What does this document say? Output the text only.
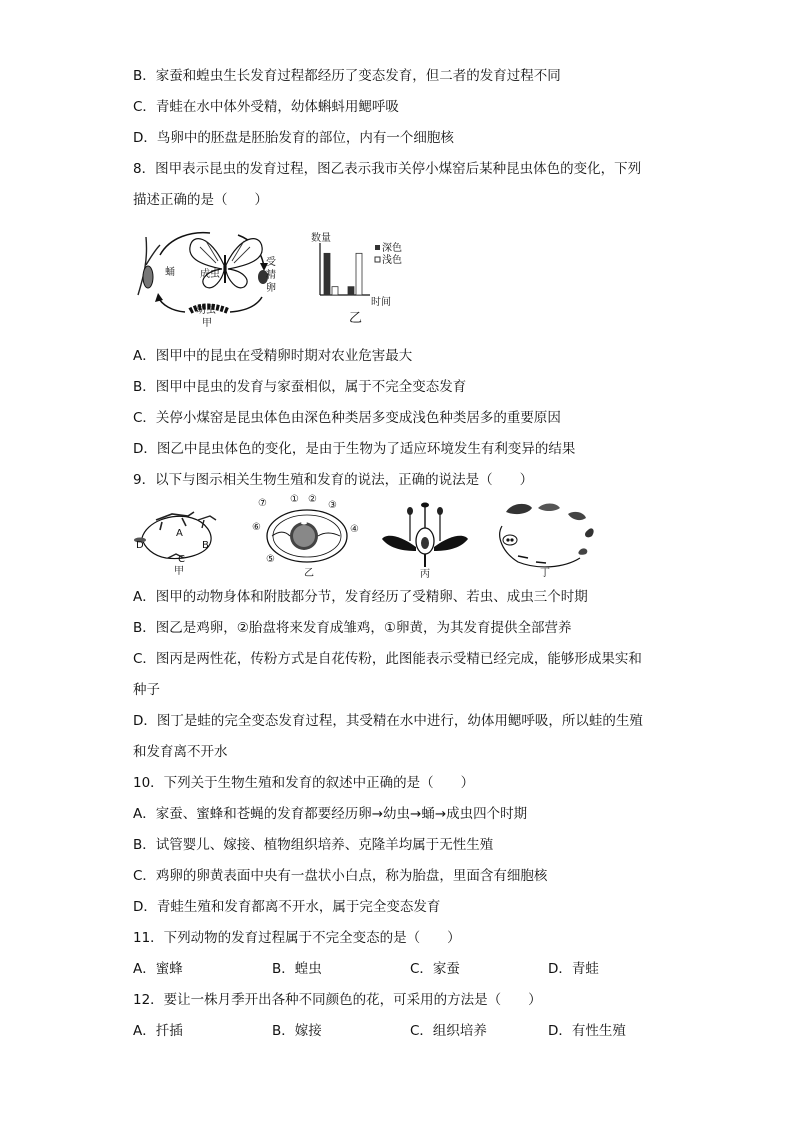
B．家蚕和蝗虫生长发育过程都经历了变态发育，但二者的发育过程不同
C．青蛙在水中体外受精，幼体蝌蚪用鳃呼吸
D．鸟卵中的胚盘是胚胎发育的部位，内有一个细胞核
8．图甲表示昆虫的发育过程，图乙表示我市关停小煤窑后某种昆虫体色的变化，下列
描述正确的是（　　）
蛹	成虫
受
精
卵
幼虫
甲
数量
深色
浅色
时间
乙
A．图甲中的昆虫在受精卵时期对农业危害最大
B．图甲中昆虫的发育与家蚕相似，属于不完全变态发育
C．关停小煤窑是昆虫体色由深色种类居多变成浅色种类居多的重要原因
D．图乙中昆虫体色的变化，是由于生物为了适应环境发生有利变异的结果
9．以下与图示相关生物生殖和发育的说法，正确的说法是（　　）
D
A
B
C
甲
⑦ ① ②
③
⑥	④
⑤
乙	丙	丁
A．图甲的动物身体和附肢都分节，发育经历了受精卵、若虫、成虫三个时期
B．图乙是鸡卵，②胎盘将来发育成雏鸡，①卵黄，为其发育提供全部营养
C．图丙是两性花，传粉方式是自花传粉，此图能表示受精已经完成，能够形成果实和
种子
D．图丁是蛙的完全变态发育过程，其受精在水中进行，幼体用鳃呼吸，所以蛙的生殖
和发育离不开水
10．下列关于生物生殖和发育的叙述中正确的是（　　）
A．家蚕、蜜蜂和苍蝇的发育都要经历卵→幼虫→蛹→成虫四个时期
B．试管婴儿、嫁接、植物组织培养、克隆羊均属于无性生殖
C．鸡卵的卵黄表面中央有一盘状小白点，称为胎盘，里面含有细胞核
D．青蛙生殖和发育都离不开水，属于完全变态发育
11．下列动物的发育过程属于不完全变态的是（　　）
A．蜜蜂	B．蝗虫	C．家蚕	D．青蛙
12．要让一株月季开出各种不同颜色的花，可采用的方法是（　　）
A．扦插	B．嫁接	C．组织培养	D．有性生殖
